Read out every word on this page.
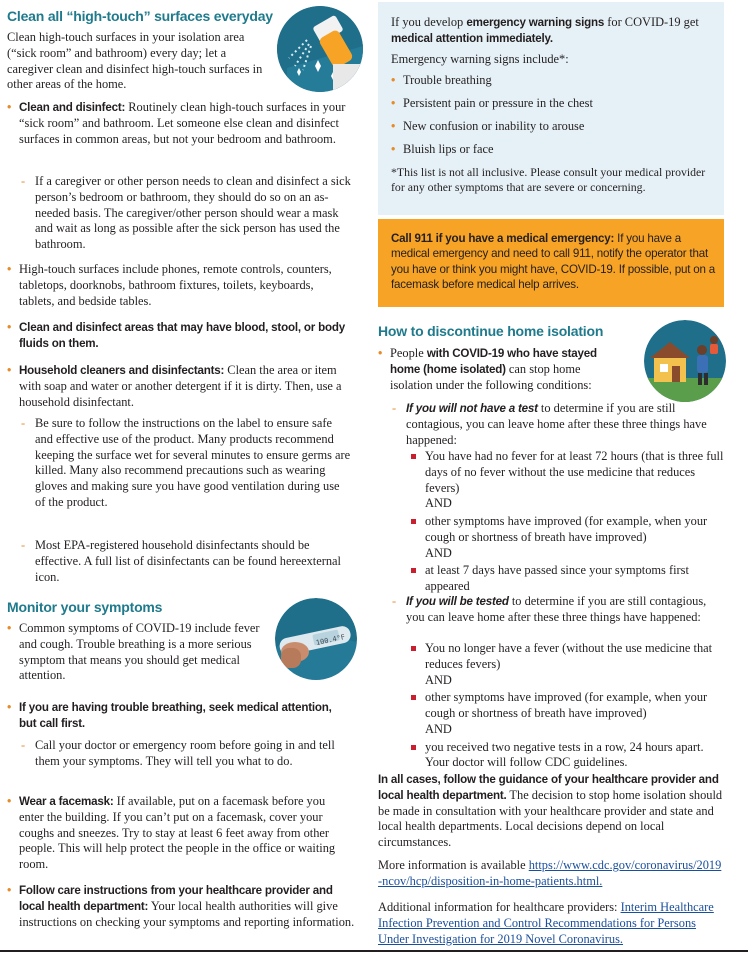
Clean all “high-touch” surfaces everyday
Clean high-touch surfaces in your isolation area (“sick room” and bathroom) every day; let a caregiver clean and disinfect high-touch surfaces in other areas of the home.
• Clean and disinfect: Routinely clean high-touch surfaces in your “sick room” and bathroom. Let someone else clean and disinfect surfaces in common areas, but not your bedroom and bathroom.
- If a caregiver or other person needs to clean and disinfect a sick person’s bedroom or bathroom, they should do so on an as-needed basis. The caregiver/other person should wear a mask and wait as long as possible after the sick person has used the bathroom.
• High-touch surfaces include phones, remote controls, counters, tabletops, doorknobs, bathroom fixtures, toilets, keyboards, tablets, and bedside tables.
• Clean and disinfect areas that may have blood, stool, or body fluids on them.
• Household cleaners and disinfectants: Clean the area or item with soap and water or another detergent if it is dirty. Then, use a household disinfectant.
- Be sure to follow the instructions on the label to ensure safe and effective use of the product. Many products recommend keeping the surface wet for several minutes to ensure germs are killed. Many also recommend precautions such as wearing gloves and making sure you have good ventilation during use of the product.
- Most EPA-registered household disinfectants should be effective. A full list of disinfectants can be found hereexternal icon.
Monitor your symptoms
• Common symptoms of COVID-19 include fever and cough. Trouble breathing is a more serious symptom that means you should get medical attention.
100.4°F
• If you are having trouble breathing, seek medical attention, but call first.
- Call your doctor or emergency room before going in and tell them your symptoms. They will tell you what to do.
• Wear a facemask: If available, put on a facemask before you enter the building. If you can’t put on a facemask, cover your coughs and sneezes. Try to stay at least 6 feet away from other people. This will help protect the people in the office or waiting room.
• Follow care instructions from your healthcare provider and local health department: Your local health authorities will give instructions on checking your symptoms and reporting information.
If you develop emergency warning signs for COVID-19 get medical attention immediately.
Emergency warning signs include*:
• Trouble breathing
• Persistent pain or pressure in the chest
• New confusion or inability to arouse
• Bluish lips or face
*This list is not all inclusive. Please consult your medical provider for any other symptoms that are severe or concerning.
Call 911 if you have a medical emergency: If you have a medical emergency and need to call 911, notify the operator that you have or think you might have, COVID-19. If possible, put on a facemask before medical help arrives.
How to discontinue home isolation
• People with COVID-19 who have stayed home (home isolated) can stop home isolation under the following conditions:
- If you will not have a test to determine if you are still contagious, you can leave home after these three things have happened:
You have had no fever for at least 72 hours (that is three full days of no fever without the use medicine that reduces fevers)
AND
other symptoms have improved (for example, when your cough or shortness of breath have improved)
AND
at least 7 days have passed since your symptoms first appeared
- If you will be tested to determine if you are still contagious, you can leave home after these three things have happened:
You no longer have a fever (without the use medicine that reduces fevers)
AND
other symptoms have improved (for example, when your cough or shortness of breath have improved)
AND
you received two negative tests in a row, 24 hours apart. Your doctor will follow CDC guidelines.
In all cases, follow the guidance of your healthcare provider and local health department. The decision to stop home isolation should be made in consultation with your healthcare provider and state and local health departments. Local decisions depend on local circumstances.
More information is available https://www.cdc.gov/coronavirus/2019-ncov/hcp/disposition-in-home-patients.html.
Additional information for healthcare providers: Interim Healthcare Infection Prevention and Control Recommendations for Persons Under Investigation for 2019 Novel Coronavirus.
